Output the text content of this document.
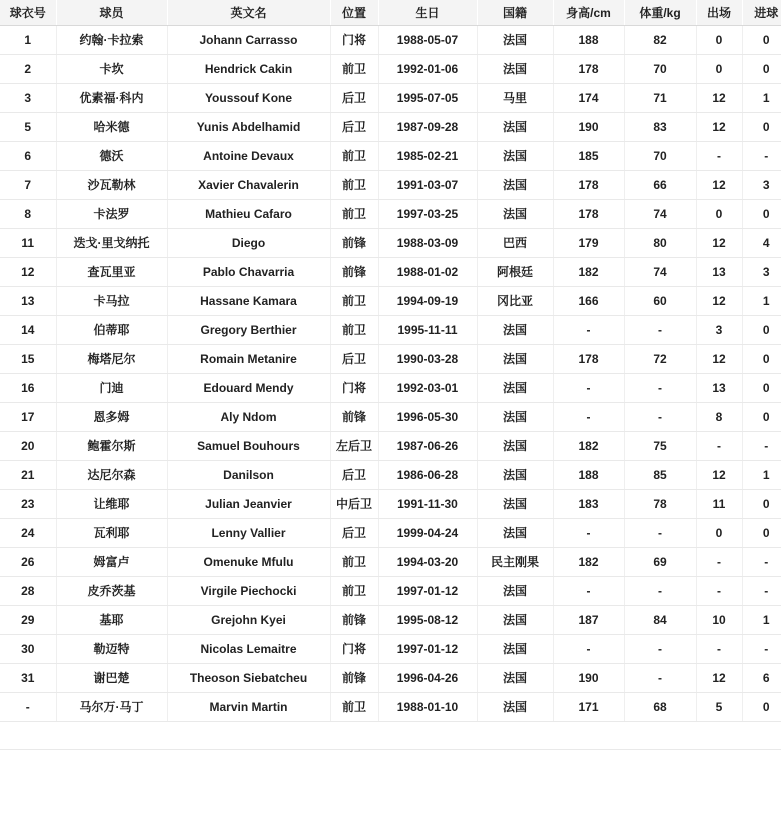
球衣号	球员	英文名	位置	生日	国籍	身高/cm	体重/kg	出场	进球
1	约翰·卡拉索	Johann Carrasso	门将	1988-05-07	法国	188	82	0	0
2	卡坎	Hendrick Cakin	前卫	1992-01-06	法国	178	70	0	0
3	优素福·科内	Youssouf Kone	后卫	1995-07-05	马里	174	71	12	1
5	哈米德	Yunis Abdelhamid	后卫	1987-09-28	法国	190	83	12	0
6	德沃	Antoine Devaux	前卫	1985-02-21	法国	185	70	-	-
7	沙瓦勒林	Xavier Chavalerin	前卫	1991-03-07	法国	178	66	12	3
8	卡法罗	Mathieu Cafaro	前卫	1997-03-25	法国	178	74	0	0
11	迭戈·里戈纳托	Diego	前锋	1988-03-09	巴西	179	80	12	4
12	查瓦里亚	Pablo Chavarria	前锋	1988-01-02	阿根廷	182	74	13	3
13	卡马拉	Hassane Kamara	前卫	1994-09-19	冈比亚	166	60	12	1
14	伯蒂耶	Gregory Berthier	前卫	1995-11-11	法国	-	-	3	0
15	梅塔尼尔	Romain Metanire	后卫	1990-03-28	法国	178	72	12	0
16	门迪	Edouard Mendy	门将	1992-03-01	法国	-	-	13	0
17	恩多姆	Aly Ndom	前锋	1996-05-30	法国	-	-	8	0
20	鲍霍尔斯	Samuel Bouhours	左后卫	1987-06-26	法国	182	75	-	-
21	达尼尔森	Danilson	后卫	1986-06-28	法国	188	85	12	1
23	让维耶	Julian Jeanvier	中后卫	1991-11-30	法国	183	78	11	0
24	瓦利耶	Lenny Vallier	后卫	1999-04-24	法国	-	-	0	0
26	姆富卢	Omenuke Mfulu	前卫	1994-03-20	民主刚果	182	69	-	-
28	皮乔茨基	Virgile Piechocki	前卫	1997-01-12	法国	-	-	-	-
29	基耶	Grejohn Kyei	前锋	1995-08-12	法国	187	84	10	1
30	勒迈特	Nicolas Lemaitre	门将	1997-01-12	法国	-	-	-	-
31	谢巴楚	Theoson Siebatcheu	前锋	1996-04-26	法国	190	-	12	6
-	马尔万·马丁	Marvin Martin	前卫	1988-01-10	法国	171	68	5	0
